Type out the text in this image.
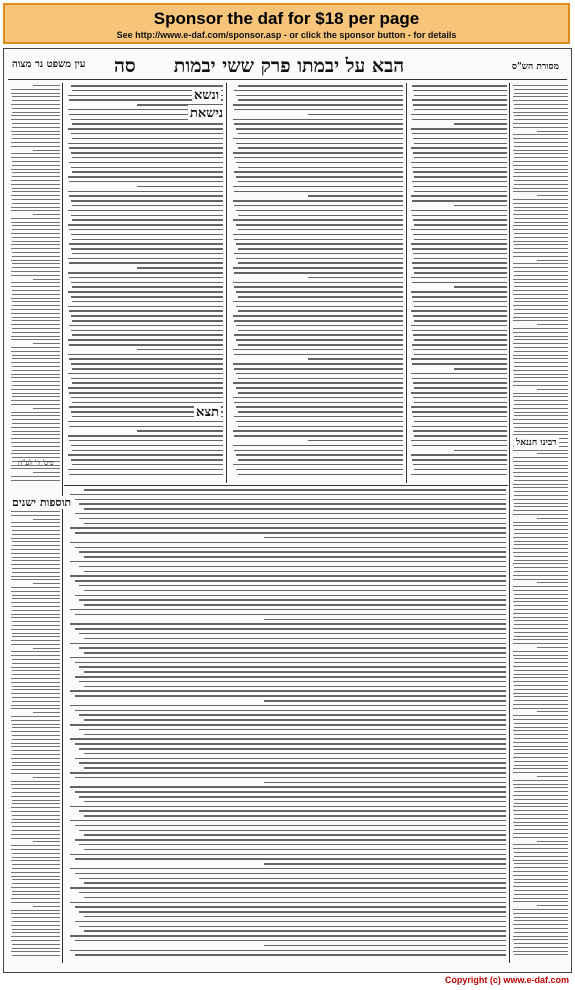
Sponsor the daf for $18 per page
See http://www.e-daf.com/sponsor.asp - or click the sponsor button - for details
הבא על יבמתו פרק ששי יבמות
סה
עין משפט נר מצוה	מסורת הש"ס
ונשא
נישאת
תצא
תוספות ישנים
רבינו חננאל
פיס' ד' לע"ה
Copyright (c) www.e-daf.com
